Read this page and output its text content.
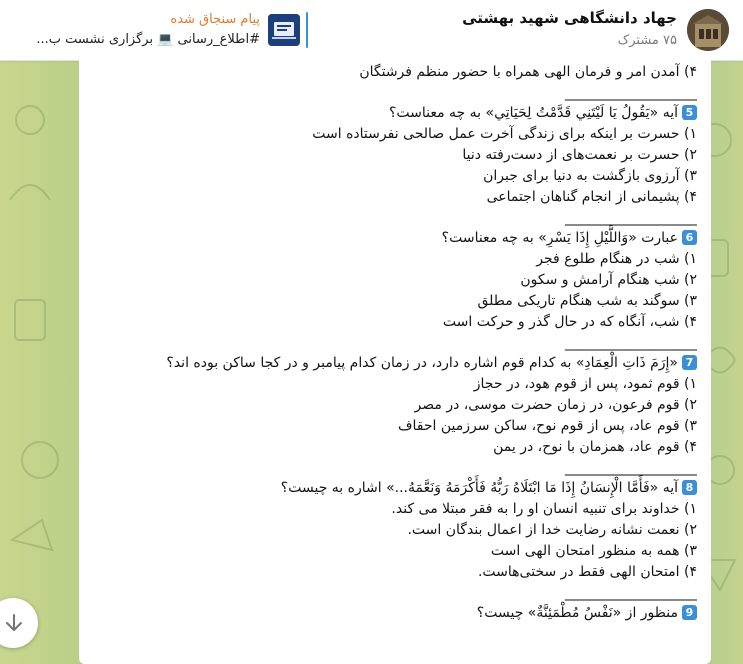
جهاد دانشگاهی شهید بهشتی
۷۵ مشترک
پیام سنجاق شده
#اطلاع_رسانی 💻 برگزاری نشست ب...
۴) آمدن امر و فرمان الهی همراه با حضور منظم فرشتگان
______________________
5آیه «يَقُولُ يَا لَيْتَنِي قَدَّمْتُ لِحَيَاتِي» به چه معناست؟
۱) حسرت بر اینکه برای زندگی آخرت عمل صالحی نفرستاده است
۲) حسرت بر نعمت‌های از دست‌رفته دنیا
۳) آرزوی بازگشت به دنیا برای جبران
۴) پشیمانی از انجام گناهان اجتماعی
______________________
6عبارت «وَاللَّيْلِ إِذَا يَسْرِ» به چه معناست؟
۱) شب در هنگام طلوع فجر
۲) شب هنگام آرامش و سکون
۳) سوگند به شب هنگام تاریکی مطلق
۴) شب، آنگاه که در حال گذر و حرکت است
______________________
7«إِرَمَ ذَاتِ الْعِمَادِ» به کدام قوم اشاره دارد، در زمان کدام پیامبر و در کجا ساکن بوده اند؟
۱) قوم ثمود، پس از قوم هود، در حجاز
۲) قوم فرعون، در زمان حضرت موسی، در مصر
۳) قوم عاد، پس از قوم نوح، ساکن سرزمین احقاف
۴) قوم عاد، همزمان با نوح، در یمن
______________________
8آیه «فَأَمَّا الْإِنسَانُ إِذَا مَا ابْتَلَاهُ رَبُّهُ فَأَكْرَمَهُ وَنَعَّمَهُ...» اشاره به چیست؟
۱) خداوند برای تنبیه انسان او را به فقر مبتلا می کند.
۲) نعمت نشانه رضایت خدا از اعمال بندگان است.
۳) همه به منظور امتحان الهی است
۴) امتحان الهی فقط در سختی‌هاست.
______________________
9منظور از «نَفْسُ مُطْمَئِنَّةٌ» چیست؟
